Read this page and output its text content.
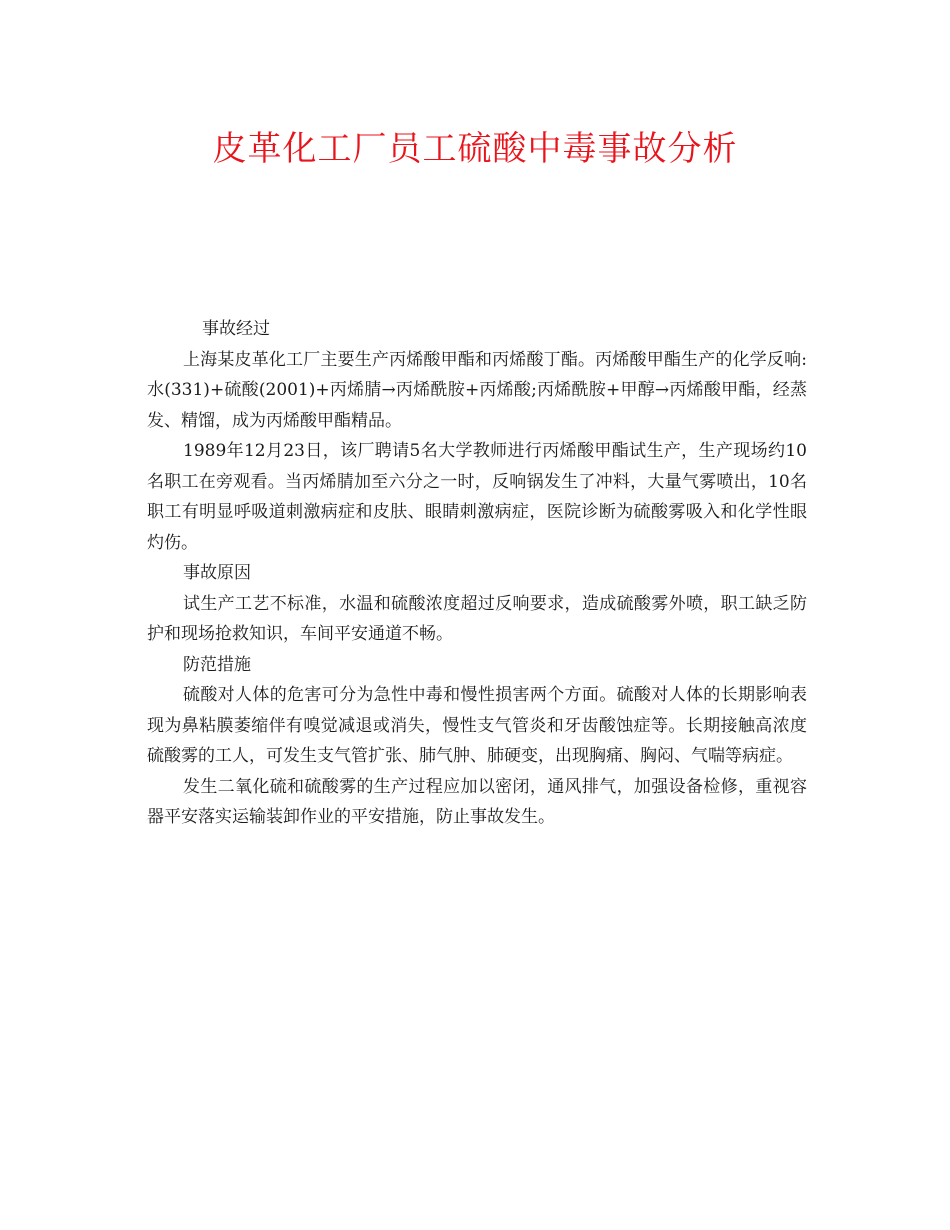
皮革化工厂员工硫酸中毒事故分析

事故经过

上海某皮革化工厂主要生产丙烯酸甲酯和丙烯酸丁酯。丙烯酸甲酯生产的化学反响: 水(331)+硫酸(2001)+丙烯腈→丙烯酰胺+丙烯酸;丙烯酰胺+甲醇→丙烯酸甲酯，经蒸发、精馏，成为丙烯酸甲酯精品。

1989年12月23日，该厂聘请5名大学教师进行丙烯酸甲酯试生产，生产现场约10名职工在旁观看。当丙烯腈加至六分之一时，反响锅发生了冲料，大量气雾喷出，10名职工有明显呼吸道刺激病症和皮肤、眼睛刺激病症，医院诊断为硫酸雾吸入和化学性眼灼伤。

事故原因

试生产工艺不标准，水温和硫酸浓度超过反响要求，造成硫酸雾外喷，职工缺乏防护和现场抢救知识，车间平安通道不畅。

防范措施

硫酸对人体的危害可分为急性中毒和慢性损害两个方面。硫酸对人体的长期影响表现为鼻粘膜萎缩伴有嗅觉减退或消失，慢性支气管炎和牙齿酸蚀症等。长期接触高浓度硫酸雾的工人，可发生支气管扩张、肺气肿、肺硬变，出现胸痛、胸闷、气喘等病症。

发生二氧化硫和硫酸雾的生产过程应加以密闭，通风排气，加强设备检修，重视容器平安落实运输装卸作业的平安措施，防止事故发生。
